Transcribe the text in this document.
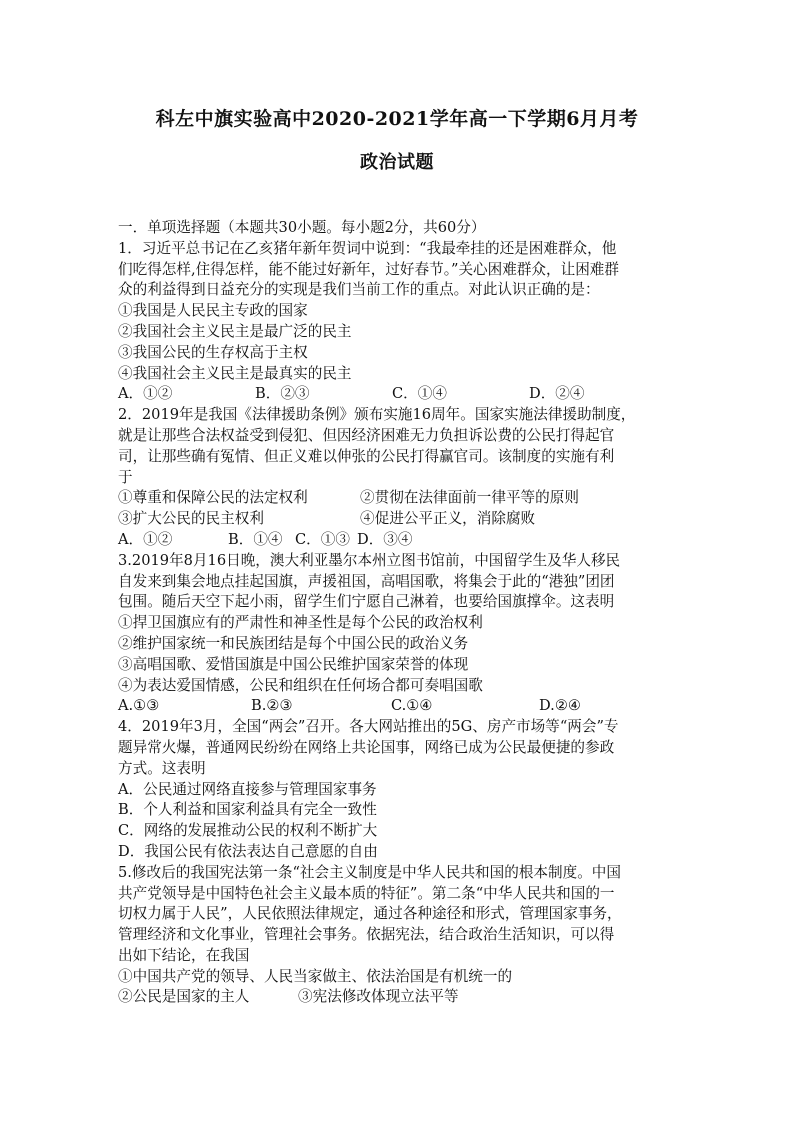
科左中旗实验高中2020-2021学年高一下学期6月月考
政治试题
一．单项选择题（本题共30小题。每小题2分，共60分）
1．习近平总书记在乙亥猪年新年贺词中说到：“我最牵挂的还是困难群众，他
们吃得怎样,住得怎样，能不能过好新年，过好春节。”关心困难群众，让困难群
众的利益得到日益充分的实现是我们当前工作的重点。对此认识正确的是：
①我国是人民民主专政的国家
②我国社会主义民主是最广泛的民主
③我国公民的生存权高于主权
④我国社会主义民主是最真实的民主
A．①②	B．②③	C．①④	D．②④
2．2019年是我国《法律援助条例》颁布实施16周年。国家实施法律援助制度，
就是让那些合法权益受到侵犯、但因经济困难无力负担诉讼费的公民打得起官
司，让那些确有冤情、但正义难以伸张的公民打得赢官司。该制度的实施有利
于
①尊重和保障公民的法定权利	②贯彻在法律面前一律平等的原则
③扩大公民的民主权利	④促进公平正义，消除腐败
A．①②	B．①④ C．①③ D．③④
3.2019年8月16日晚，澳大利亚墨尔本州立图书馆前，中国留学生及华人移民
自发来到集会地点挂起国旗，声援祖国，高唱国歌，将集会于此的“港独”团团
包围。随后天空下起小雨，留学生们宁愿自己淋着，也要给国旗撑伞。这表明
①捍卫国旗应有的严肃性和神圣性是每个公民的政治权利
②维护国家统一和民族团结是每个中国公民的政治义务
③高唱国歌、爱惜国旗是中国公民维护国家荣誉的体现
④为表达爱国情感，公民和组织在任何场合都可奏唱国歌
A.①③	B.②③	C.①④	D.②④
4．2019年3月，全国“两会”召开。各大网站推出的5G、房产市场等“两会”专
题异常火爆，普通网民纷纷在网络上共论国事，网络已成为公民最便捷的参政
方式。这表明
A．公民通过网络直接参与管理国家事务
B．个人利益和国家利益具有完全一致性
C．网络的发展推动公民的权利不断扩大
D．我国公民有依法表达自己意愿的自由
5.修改后的我国宪法第一条“社会主义制度是中华人民共和国的根本制度。中国
共产党领导是中国特色社会主义最本质的特征”。第二条“中华人民共和国的一
切权力属于人民”，人民依照法律规定，通过各种途径和形式，管理国家事务，
管理经济和文化事业，管理社会事务。依据宪法，结合政治生活知识，可以得
出如下结论，在我国
①中国共产党的领导、人民当家做主、依法治国是有机统一的
②公民是国家的主人	③宪法修改体现立法平等
